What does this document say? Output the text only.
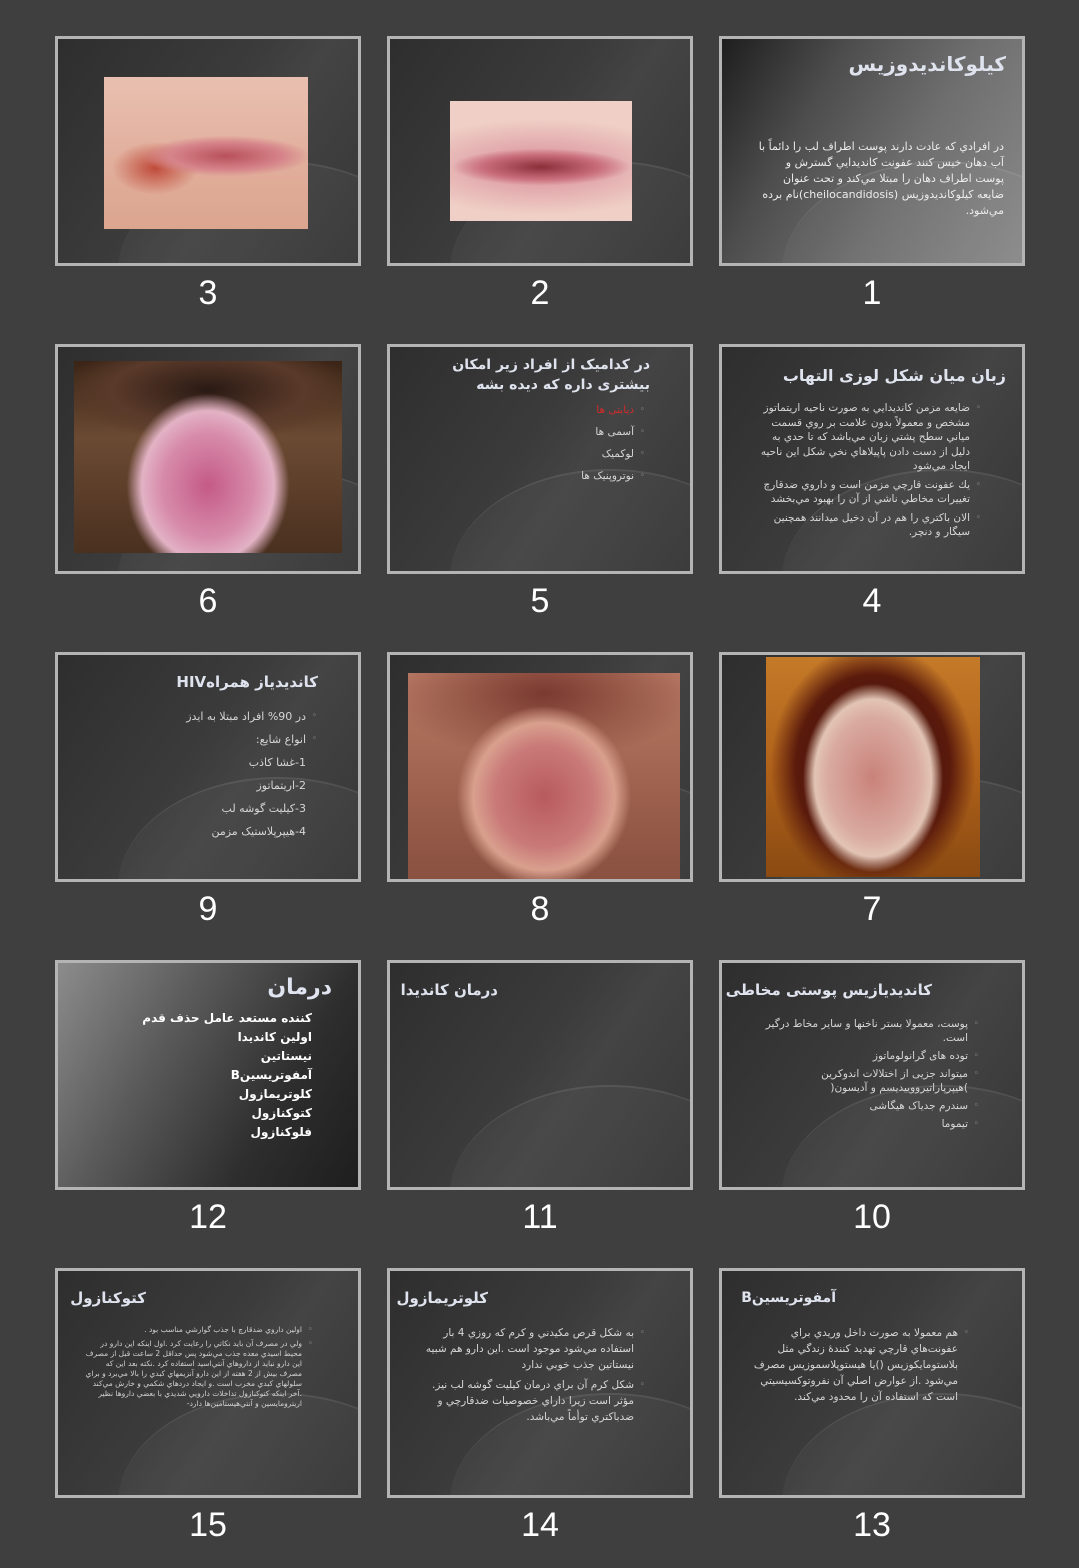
کیلوکاندیدوزیس
در افرادي كه عادت دارند پوست اطراف لب را دائماً با آب دهان خيس كنند عفونت كانديدايي گسترش و پوست اطراف دهان را مبتلا مي‌كند و تحت عنوان ضايعه كيلوكانديدوزيس (cheilocandidosis)نام برده مي‌شود.
1
2
3
زبان میان شکل لوزی التهاب
◦ ضايعه مزمن كانديدايي به صورت ناحيه اريتماتوز مشخص و معمولاً بدون علامت بر روي قسمت مياني سطح پشتي زبان مي‌باشد كه تا حدي به دليل از دست دادن پاپيلاهاي نخي شكل اين ناحيه ايجاد مي‌شود
◦ يك عفونت قارچي مزمن است و داروي ضدقارچ تغييرات مخاطي ناشي از آن را بهبود مي‌بخشد
◦ الان باكتري را هم در آن دخيل ميدانند همچنين سيگار و دنچر.
4
در کدامیک از افراد زیر امکان بیشتری داره که دیده بشه
◦ دیابتی ها
◦ آسمی ها
◦ لوکمیک
◦ نوتروپنیک ها
5
6
7
8
کاندیدیاز همراهHIV
◦ در 90% افراد مبتلا به ایدز
◦ انواع شایع:
1-غشا کاذب
2-اریتماتوز
3-کیلیت گوشه لب
4-هیپرپلاستیک مزمن
9
کاندیدیازیس پوستی مخاطی
◦ پوست، معمولا بستر ناخنها و سایر مخاط درگیر است.
◦ توده های گرانولوماتوز
◦ میتواند جزیی از اختلالات اندوکرین )هیپرپاراتیرووییدیسم و آدیسون(
◦ سندرم جدیاک هیگاشی
◦ تیموما
10
درمان کاندیدا
11
درمان
کننده مستعد عامل حذف قدم اولین کاندیدا
نیستاتین
آمفوتریسینB
کلوتریمازول
کتوکنازول
فلوکنازول
12
آمفوتریسینB
◦ هم معمولا به صورت داخل وريدي براي عفونت‌هاي قارچي تهديد كنندۀ زندگي مثل بلاستومايكوزيس ()يا هيستوپلاسموزيس مصرف مي‌شود .از عوارض اصلي آن نفروتوكسيسيتي است كه استفاده آن را محدود مي‌كند.
13
کلوتریمازول
◦ به شكل قرص مكيدني و كرم كه روزي 4 بار استفاده مي‌شود موجود است .اين دارو هم شبيه نيستاتين جذب خوبي ندارد
◦ شكل كرم آن براي درمان كيليت گوشه لب نيز. مؤثر است زيرا داراي خصوصيات ضدقارچي و ضدباكتري توأماً مي‌باشد.
14
کتوکنازول
◦ اولين داروي ضدقارچ با جذب گوارشي مناسب بود .
◦ ولي در مصرف آن بايد نكاتي را رعايت كرد .اول اينكه اين دارو در محيط اسيدي معده جذب مي‌شود پس حداقل 2 ساعت قبل از مصرف اين دارو نبايد از داروهاي آنتي‌اسيد استفاده كرد .نكته بعد اين كه مصرف بيش از 2 هفته از اين دارو آنزيمهاي كبدي را بالا مي‌برد و براي سلولهاي كبدي مخرب است .و ايجاد دردهاي شكمي و خارش مي‌كند .آخر اينكه كتوكنازول تداخلات دارويي شديدي با بعضي داروها نظير اريترومايسين و آنتي‌هيستامين‌ها دارد-
15
